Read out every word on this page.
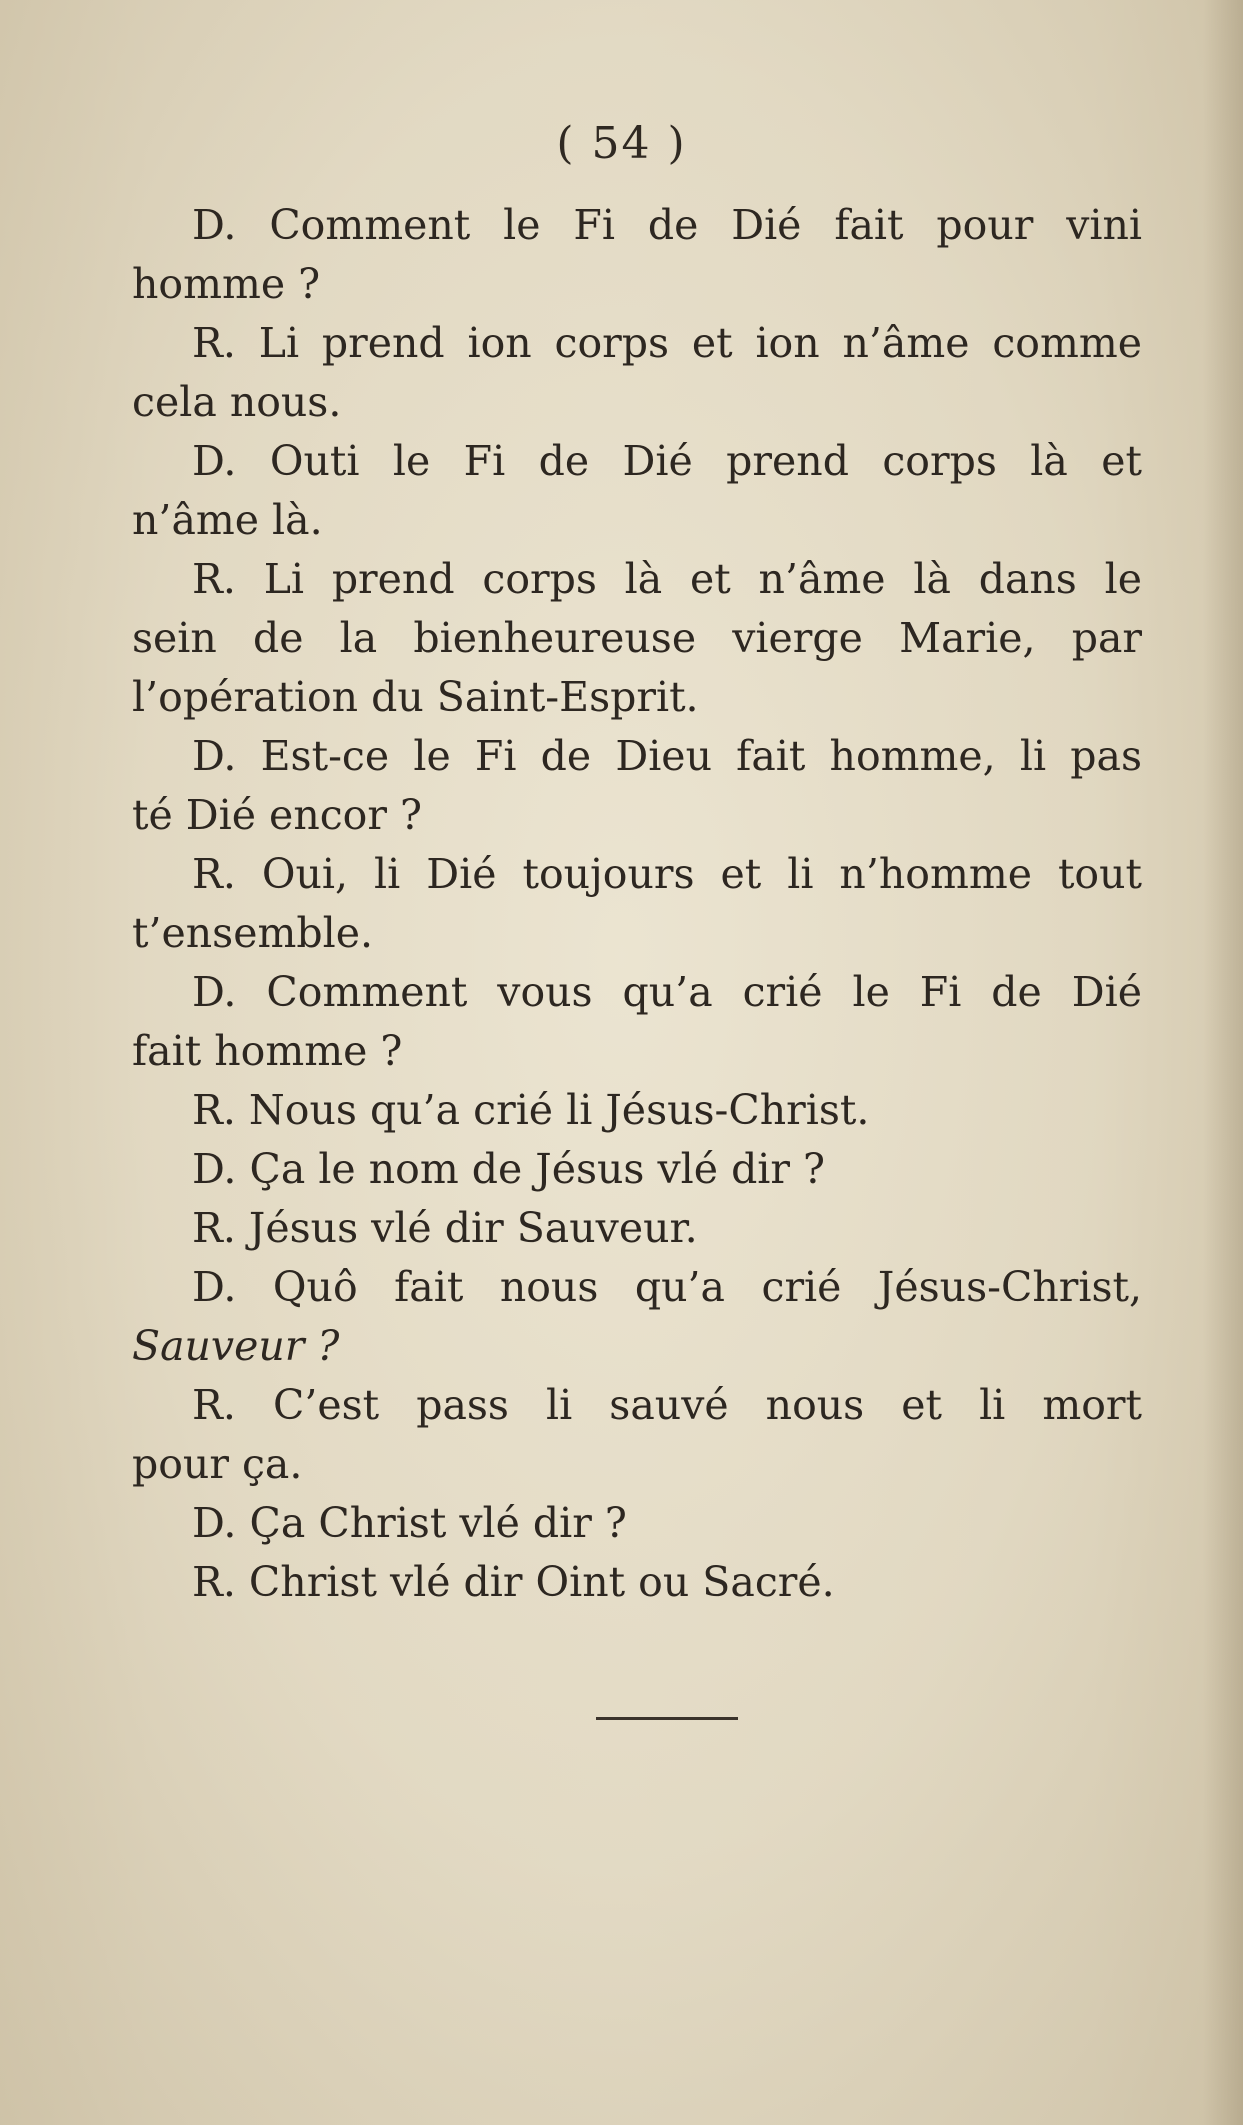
( 54 )
D. Comment le Fi de Dié fait pour vini
homme ?
R. Li prend ion corps et ion n’âme comme
cela nous.
D. Outi le Fi de Dié prend corps là et
n’âme là.
R. Li prend corps là et n’âme là dans le
sein de la bienheureuse vierge Marie, par
l’opération du Saint-Esprit.
D. Est-ce le Fi de Dieu fait homme, li pas
té Dié encor ?
R. Oui, li Dié toujours et li n’homme tout
t’ensemble.
D. Comment vous qu’a crié le Fi de Dié
fait homme ?
R. Nous qu’a crié li Jésus-Christ.
D. Ça le nom de Jésus vlé dir ?
R. Jésus vlé dir Sauveur.
D. Quô fait nous qu’a crié Jésus-Christ,
Sauveur ?
R. C’est pass li sauvé nous et li mort
pour ça.
D. Ça Christ vlé dir ?
R. Christ vlé dir Oint ou Sacré.
